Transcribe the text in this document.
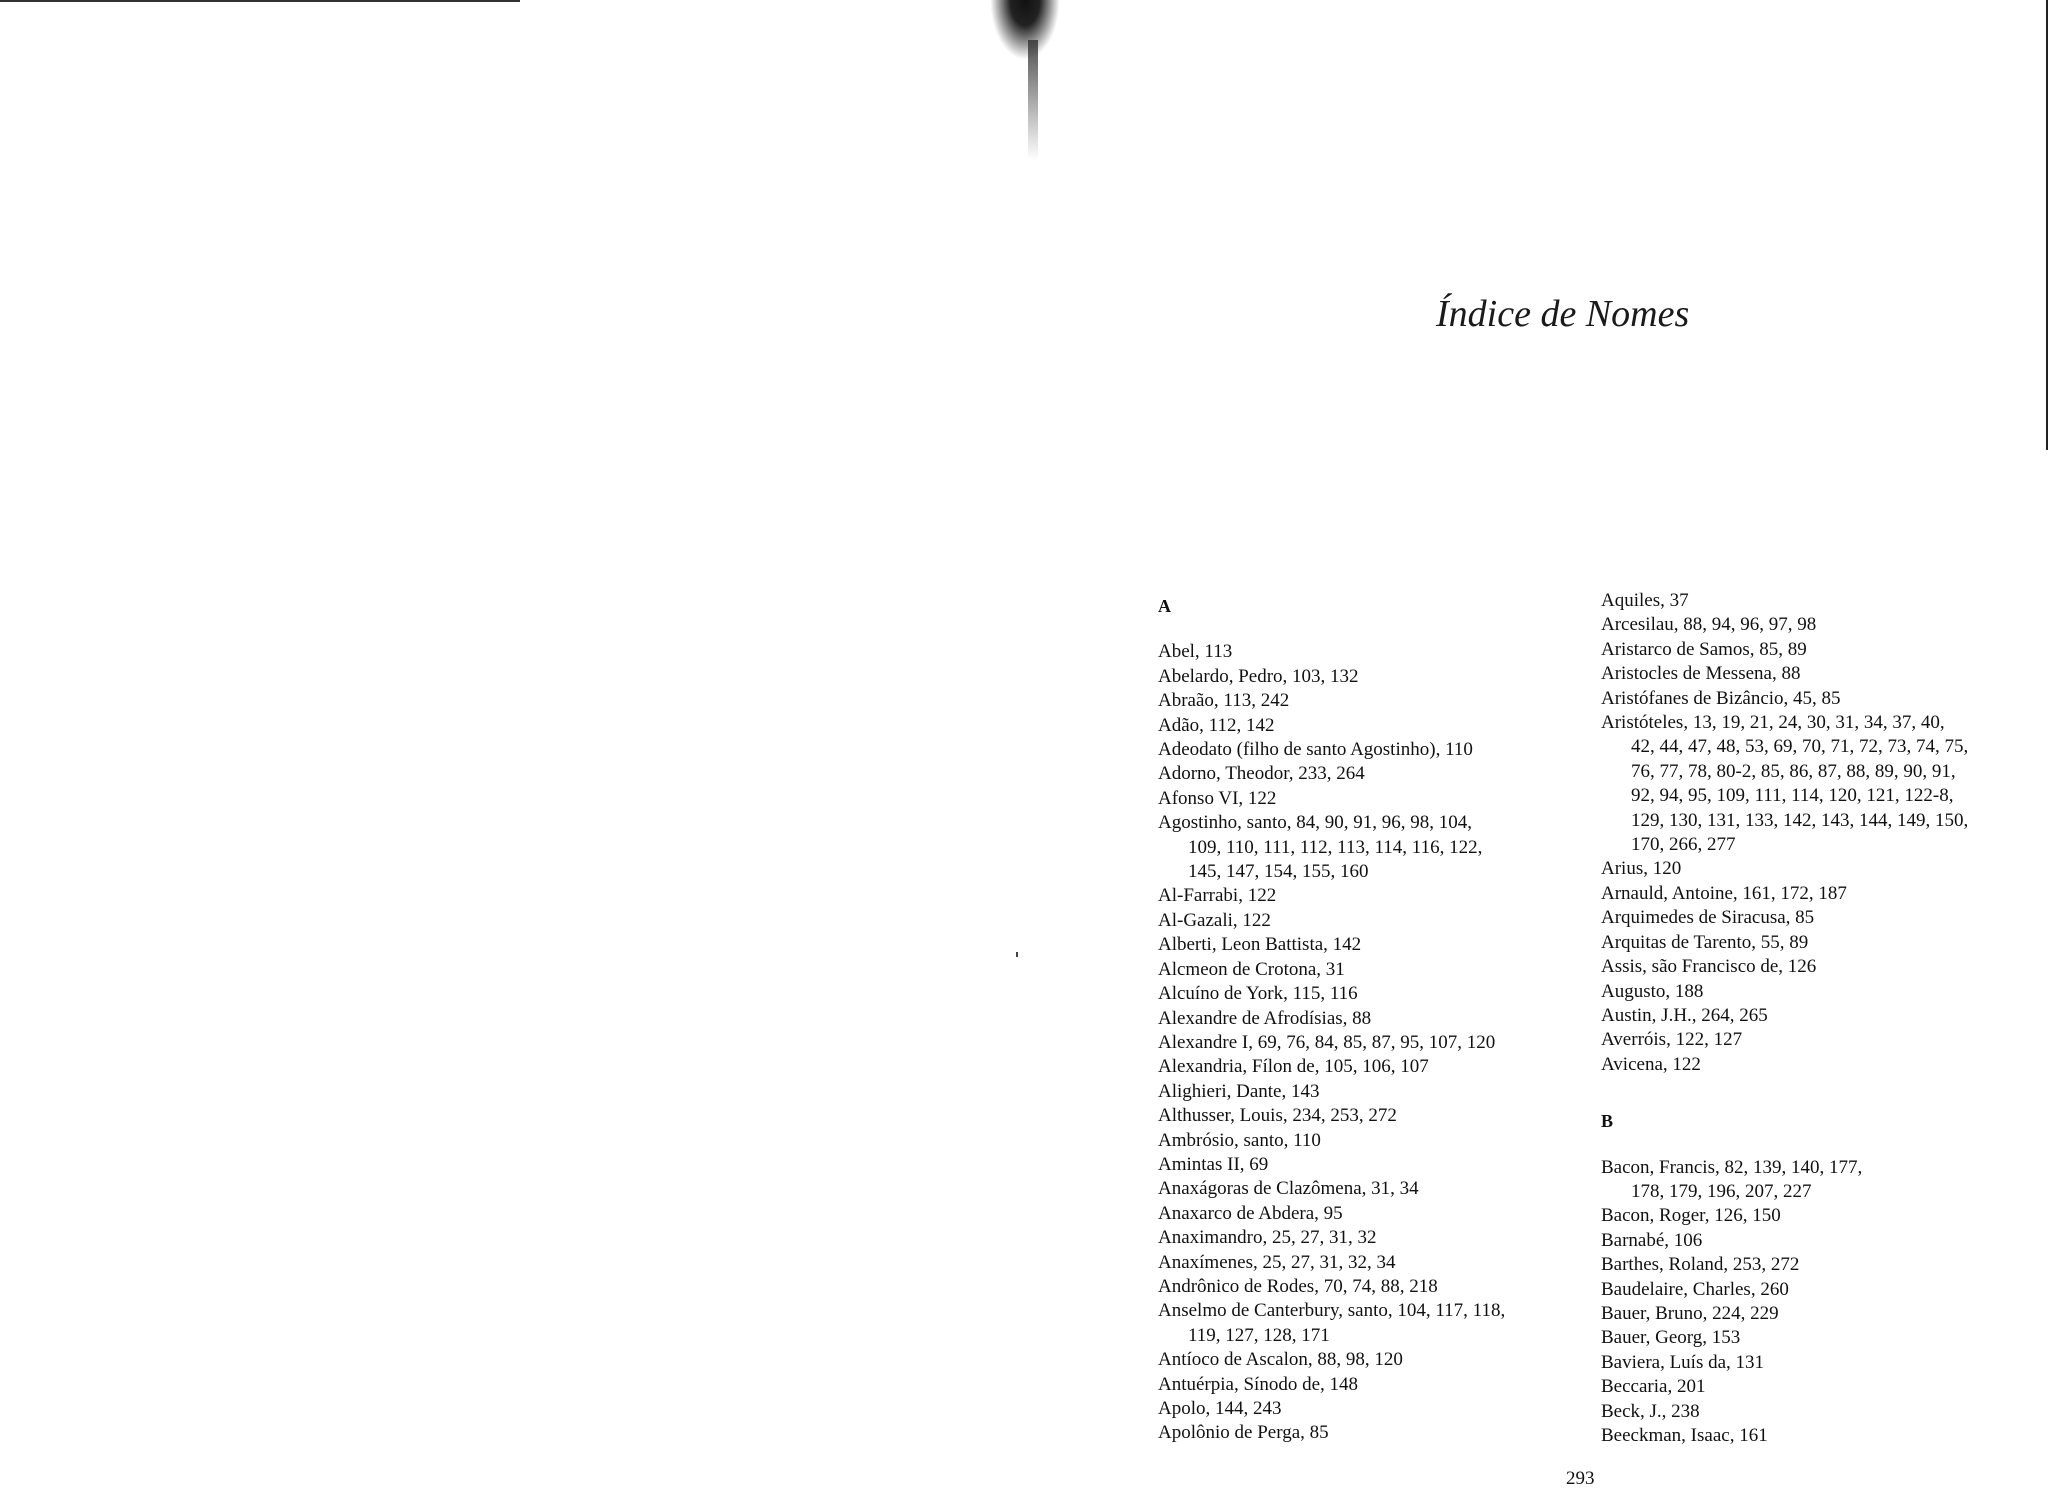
Índice de Nomes
A
Abel, 113
Abelardo, Pedro, 103, 132
Abraão, 113, 242
Adão, 112, 142
Adeodato (filho de santo Agostinho), 110
Adorno, Theodor, 233, 264
Afonso VI, 122
Agostinho, santo, 84, 90, 91, 96, 98, 104,
109, 110, 111, 112, 113, 114, 116, 122,
145, 147, 154, 155, 160
Al-Farrabi, 122
Al-Gazali, 122
Alberti, Leon Battista, 142
Alcmeon de Crotona, 31
Alcuíno de York, 115, 116
Alexandre de Afrodísias, 88
Alexandre I, 69, 76, 84, 85, 87, 95, 107, 120
Alexandria, Fílon de, 105, 106, 107
Alighieri, Dante, 143
Althusser, Louis, 234, 253, 272
Ambrósio, santo, 110
Amintas II, 69
Anaxágoras de Clazômena, 31, 34
Anaxarco de Abdera, 95
Anaximandro, 25, 27, 31, 32
Anaxímenes, 25, 27, 31, 32, 34
Andrônico de Rodes, 70, 74, 88, 218
Anselmo de Canterbury, santo, 104, 117, 118,
119, 127, 128, 171
Antíoco de Ascalon, 88, 98, 120
Antuérpia, Sínodo de, 148
Apolo, 144, 243
Apolônio de Perga, 85
Aquiles, 37
Arcesilau, 88, 94, 96, 97, 98
Aristarco de Samos, 85, 89
Aristocles de Messena, 88
Aristófanes de Bizâncio, 45, 85
Aristóteles, 13, 19, 21, 24, 30, 31, 34, 37, 40,
42, 44, 47, 48, 53, 69, 70, 71, 72, 73, 74, 75,
76, 77, 78, 80-2, 85, 86, 87, 88, 89, 90, 91,
92, 94, 95, 109, 111, 114, 120, 121, 122-8,
129, 130, 131, 133, 142, 143, 144, 149, 150,
170, 266, 277
Arius, 120
Arnauld, Antoine, 161, 172, 187
Arquimedes de Siracusa, 85
Arquitas de Tarento, 55, 89
Assis, são Francisco de, 126
Augusto, 188
Austin, J.H., 264, 265
Averróis, 122, 127
Avicena, 122
B
Bacon, Francis, 82, 139, 140, 177,
178, 179, 196, 207, 227
Bacon, Roger, 126, 150
Barnabé, 106
Barthes, Roland, 253, 272
Baudelaire, Charles, 260
Bauer, Bruno, 224, 229
Bauer, Georg, 153
Baviera, Luís da, 131
Beccaria, 201
Beck, J., 238
Beeckman, Isaac, 161
293
